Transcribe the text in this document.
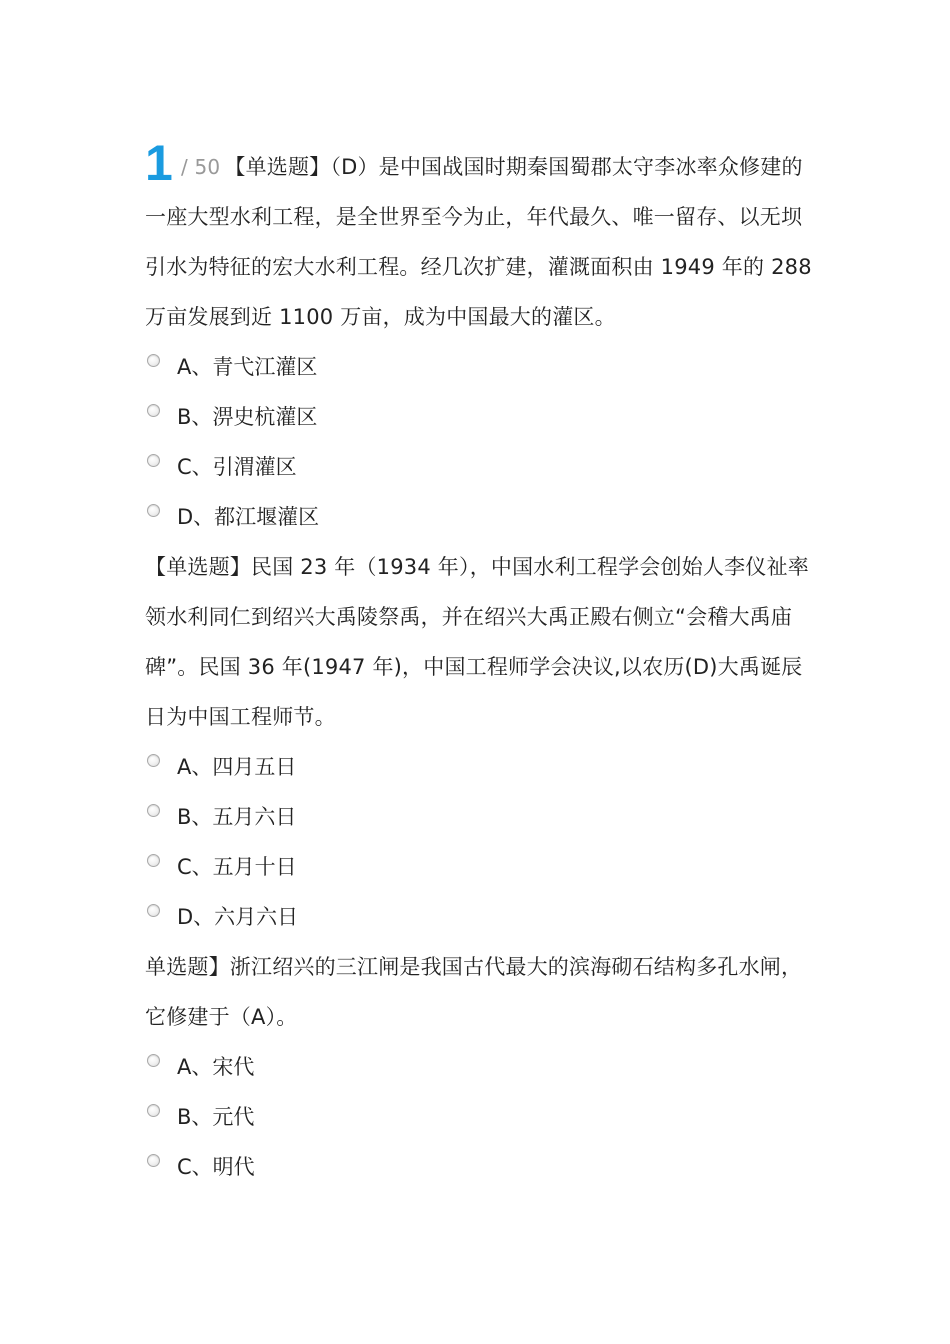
1 / 50 【单选题】（D）是中国战国时期秦国蜀郡太守李冰率众修建的一座大型水利工程，是全世界至今为止，年代最久、唯一留存、以无坝引水为特征的宏大水利工程。经几次扩建，灌溉面积由 1949 年的 288 万亩发展到近 1100 万亩，成为中国最大的灌区。

A、青弋江灌区
B、淠史杭灌区
C、引渭灌区
D、都江堰灌区

【单选题】民国 23 年（1934 年），中国水利工程学会创始人李仪祉率领水利同仁到绍兴大禹陵祭禹，并在绍兴大禹正殿右侧立“会稽大禹庙碑”。民国 36 年(1947 年)，中国工程师学会决议,以农历(D)大禹诞辰日为中国工程师节。

A、四月五日
B、五月六日
C、五月十日
D、六月六日

单选题】浙江绍兴的三江闸是我国古代最大的滨海砌石结构多孔水闸，它修建于（A）。

A、宋代
B、元代
C、明代
